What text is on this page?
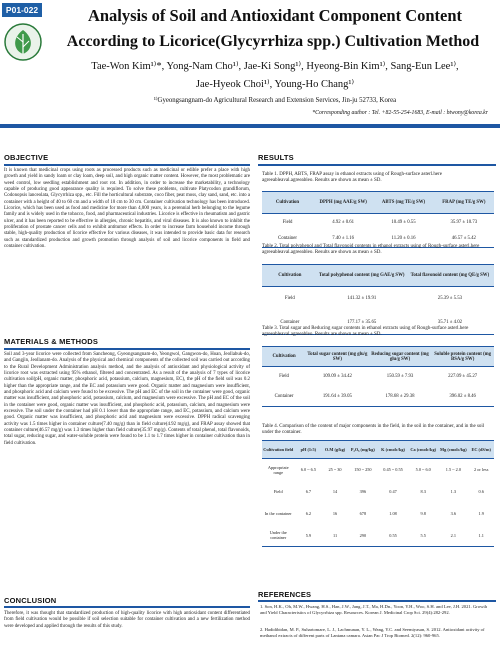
P01-022	Analysis of Soil and Antioxidant Component Content
According to Licorice(Glycyrrhiza spp.) Cultivation Method
Tae-Won Kim¹⁾*, Yong-Nam Cho¹⁾, Jae-Ki Song¹⁾, Hyeong-Bin Kim¹⁾, Sang-Eun Lee¹⁾,
Jae-Hyeok Choi¹⁾, Young-Ho Chang¹⁾
¹⁾Gyeongsangnam-do Agricultural Research and Extension Services, Jin-ju 52733, Korea
*Corresponding author : Tel. +82-55-254-1683, E-mail : btwony@korea.kr
OBJECTIVE
It is known that medicinal crops using roots as processed products such as medicinal or edible prefer a place with high growth and yield in sandy loam or clay loam, deep soil, and high organic matter content. However, the most problematic are weed control, low seedling establishment and root rot. In addition, in order to increase the marketability, a technology capable of producing good appearance quality is required. To solve these problems, cultivate Platycodon grandiflorum, Codonopsis lanceolata, Glycyrrhiza spp., etc. Fill the horticultural substrate, coco fiber, peat moss, clay sand, sand, etc. into a container with a height of 40 to 60 cm and a width of 10 cm to 30 cm. Container cultivation technology has been introduced. Licorice, which has been used as food and medicine for more than 4,000 years, is a perennial herb belonging to the legume family and is widely used in the tobacco, food, and pharmaceutical industries. Licorice is effective in rheumatism and gastric ulcer, and it has been reported to be effective in allergies, chronic hepatitis, and viral diseases. It is also known to inhibit the proliferation of prostate cancer cells and to exhibit antitumor effects. In order to increase farm household income through stable, high-quality production of licorice effective for various diseases, it was intended to provide basic data for research such as standardized production and growth promotion through analysis of soil and licorice components in field and container cultivation.
MATERIALS & METHODS
Soil and 3-year licorice were collected from Sancheong, Gyeongsangnam-do, Yeongwol, Gangwon-do, Hoan, Jeollabuk-do, and Gangjin, Jeollanam-do. Analysis of the physical and chemical components of the collected soil was carried out according to the Rural Development Administration analysis method, and the analysis of antioxidant and physiological activity of licorice root was extracted using 95% ethanol, filtered and concentrated. As a result of the analysis of 7 types of licorice cultivation soil(pH, organic matter, phosphoric acid, potassium, calcium, magnesium, EC), the pH of the field soil was 0.2 higher than the appropriate range, and the EC and potassium were good. Organic matter and magnesium were insufficient, and phosphoric acid and calcium were found to be excessive. The pH and EC of the soil in the container were good, organic matter was insufficient, and phosphoric acid, potassium, calcium, and magnesium were excessive. The pH and EC of the soil in the container were good, organic matter was insufficient, and phosphoric acid, potassium, calcium, and magnesium were excessive. The soil under the container had pH 0.1 lower than the appropriate range, and EC, potassium, and calcium were good. Organic matter was insufficient, and phosphoric acid and magnesium were excessive. DPPH radical scavenging activity was 1.5 times higher in container culture(7.40 mg/g) than in field culture(4.92 mg/g), and FRAP assay showed that container culture(46.57 mg/g) was 1.3 times higher than field culture(35.97 mg/g). Contents of total phenol, total flavonoids, total sugar, reducing sugar, and water-soluble protein were found to be 1.1 to 1.7 times higher in container cultivation than in field cultivation.
CONCLUSION
Therefore, it was thought that standardized production of high-quality licorice with high antioxidant content differentiated from field cultivation would be possible if soil selection suitable for container cultivation and a new fertilization method were developed and applied through the results of this study.
RESULTS
Table 1. DPPH, ABTS, FRAP assay in ethanol extracts using of Rough-surface asterl.here agreeableaval.agreeableo. Results are shown as mean ± SD.
Cultivation	DPPH (mg AAE/g SW)	ABTS (mg TE/g SW)	FRAP (mg TE/g SW)
Field	4.92 ± 0.61	10.49 ± 0.55	35.97 ± 10.73
Container	7.40 ± 1.16	11.20 ± 0.16	46.57 ± 5.42
Table 2. Total polyphenol and Total flavonoid contents in ethanol extracts using of Rough-surface asterl.here agreeableaval.agreeableo. Results are shown as mean ± SD.
Cultivation	Total polyphenol content (mg GAE/g SW)	Total flavonoid content (mg QE/g SW)
Field	141.32 ± 19.91	25.39 ± 5.53
Container	177.17 ± 35.65	35.71 ± 4.02
Table 3. Total sugar and Reducing sugar contents in ethanol extracts using of Rough-surface asterl.here agreeableaval.agreeableo. Results are shown as mean ± SD.
Cultivation	Total sugar content (mg glu/g SW)	Reducing sugar content (mg glu/g SW)	Soluble protein content (mg BSA/g SW)
Field	109.09 ± 34.42	150.59 ± 7.93	227.09 ± 45.27
Container	191.64 ± 39.05	178.68 ± 29.38	396.02 ± 8.46
Table 4. Comparison of the content of major components in the field, in the soil in the container, and in the soil under the container.
Cultivation field	pH (1:5)	O.M (g/kg)	P₂O₅ (mg/kg)	K (cmolc/kg)	Ca (cmolc/kg)	Mg (cmolc/kg)	EC (dS/m)
Appropriate range	6.0 ~ 6.5	25 ~ 30	150 ~ 250	0.45 ~ 0.55	5.0 ~ 6.0	1.5 ~ 2.0	2 or less
Field	6.7	14	396	0.47	8.3	1.3	0.6
In the container	6.2	16	678	1.08	9.8	3.6	1.9
Under the container	5.9	11	290	0.55	5.5	2.1	1.1
REFERENCES
1. Son, H.K., Oh, M.W., Hwang, H.S., Han, J.W., Jang, J.T., Ma, H.Dn., Yoon, Y.H., Woo, S.H. and Lee, J.H. 2021. Growth and Yield Characteristics of Glycyrrhiza spp. Resources. Korean J. Medicinal Crop Sci. 29(4):282-292.
2. Hadidibidan, M. P., Suhartomare, L. J., Lachmunan, Y. L., Wang, Y.C. and Seemiyasan, S. 2012. Antioxidant activity of methanol extracts of different parts of Lantana camara. Asian Pac J Trop Biomed. 2(12): 960-965.
